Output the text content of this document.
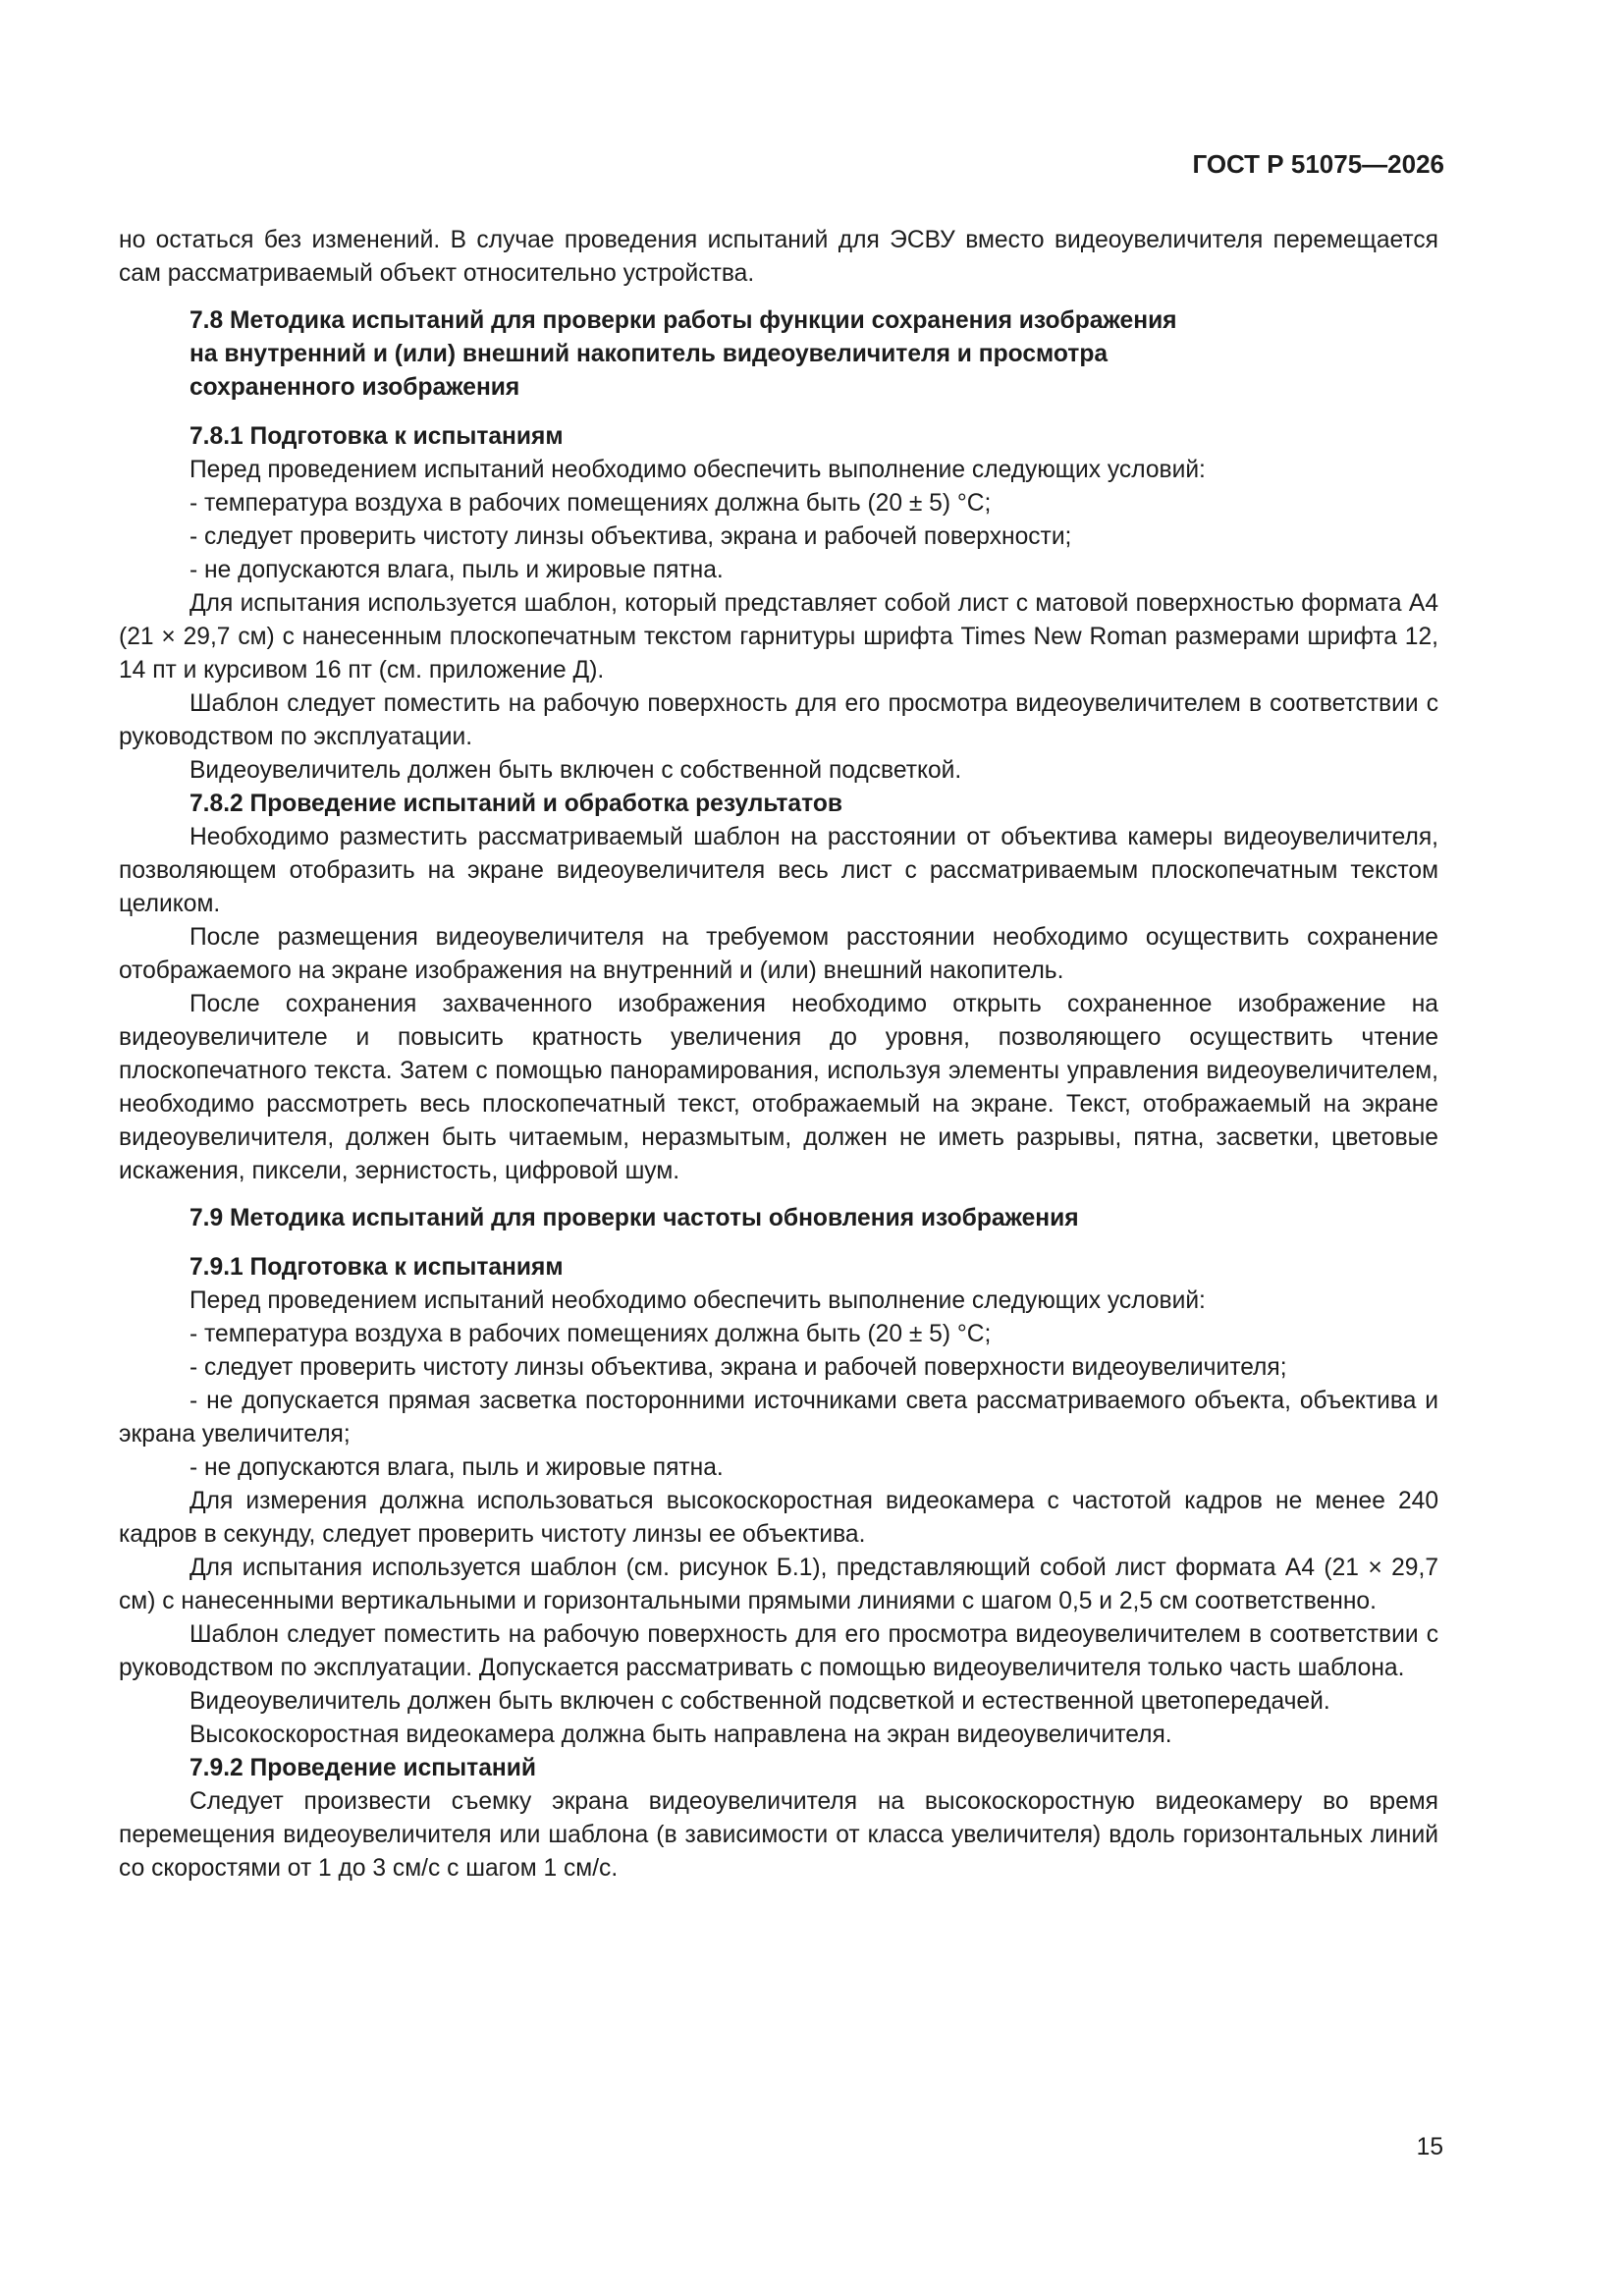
ГОСТ Р 51075—2026

но остаться без изменений. В случае проведения испытаний для ЭСВУ вместо видеоувеличителя перемещается сам рассматриваемый объект относительно устройства.

7.8 Методика испытаний для проверки работы функции сохранения изображения
на внутренний и (или) внешний накопитель видеоувеличителя и просмотра
сохраненного изображения
7.8.1 Подготовка к испытаниям

Перед проведением испытаний необходимо обеспечить выполнение следующих условий:

- температура воздуха в рабочих помещениях должна быть (20 ± 5) °С;

- следует проверить чистоту линзы объектива, экрана и рабочей поверхности;

- не допускаются влага, пыль и жировые пятна.

Для испытания используется шаблон, который представляет собой лист с матовой поверхностью формата А4 (21 × 29,7 см) с нанесенным плоскопечатным текстом гарнитуры шрифта Times New Roman размерами шрифта 12, 14 пт и курсивом 16 пт (см. приложение Д).

Шаблон следует поместить на рабочую поверхность для его просмотра видеоувеличителем в соответствии с руководством по эксплуатации.

Видеоувеличитель должен быть включен с собственной подсветкой.

7.8.2 Проведение испытаний и обработка результатов

Необходимо разместить рассматриваемый шаблон на расстоянии от объектива камеры видеоувеличителя, позволяющем отобразить на экране видеоувеличителя весь лист с рассматриваемым плоскопечатным текстом целиком.

После размещения видеоувеличителя на требуемом расстоянии необходимо осуществить сохранение отображаемого на экране изображения на внутренний и (или) внешний накопитель.

После сохранения захваченного изображения необходимо открыть сохраненное изображение на видеоувеличителе и повысить кратность увеличения до уровня, позволяющего осуществить чтение плоскопечатного текста. Затем с помощью панорамирования, используя элементы управления видеоувеличителем, необходимо рассмотреть весь плоскопечатный текст, отображаемый на экране. Текст, отображаемый на экране видеоувеличителя, должен быть читаемым, неразмытым, должен не иметь разрывы, пятна, засветки, цветовые искажения, пиксели, зернистость, цифровой шум.

7.9 Методика испытаний для проверки частоты обновления изображения
7.9.1 Подготовка к испытаниям

Перед проведением испытаний необходимо обеспечить выполнение следующих условий:

- температура воздуха в рабочих помещениях должна быть (20 ± 5) °С;

- следует проверить чистоту линзы объектива, экрана и рабочей поверхности видеоувеличителя;

- не допускается прямая засветка посторонними источниками света рассматриваемого объекта, объектива и экрана увеличителя;

- не допускаются влага, пыль и жировые пятна.

Для измерения должна использоваться высокоскоростная видеокамера с частотой кадров не менее 240 кадров в секунду, следует проверить чистоту линзы ее объектива.

Для испытания используется шаблон (см. рисунок Б.1), представляющий собой лист формата А4 (21 × 29,7 см) с нанесенными вертикальными и горизонтальными прямыми линиями с шагом 0,5 и 2,5 см соответственно.

Шаблон следует поместить на рабочую поверхность для его просмотра видеоувеличителем в соответствии с руководством по эксплуатации. Допускается рассматривать с помощью видеоувеличителя только часть шаблона.

Видеоувеличитель должен быть включен с собственной подсветкой и естественной цветопередачей.

Высокоскоростная видеокамера должна быть направлена на экран видеоувеличителя.

7.9.2 Проведение испытаний

Следует произвести съемку экрана видеоувеличителя на высокоскоростную видеокамеру во время перемещения видеоувеличителя или шаблона (в зависимости от класса увеличителя) вдоль горизонтальных линий со скоростями от 1 до 3 см/с с шагом 1 см/с.

15
